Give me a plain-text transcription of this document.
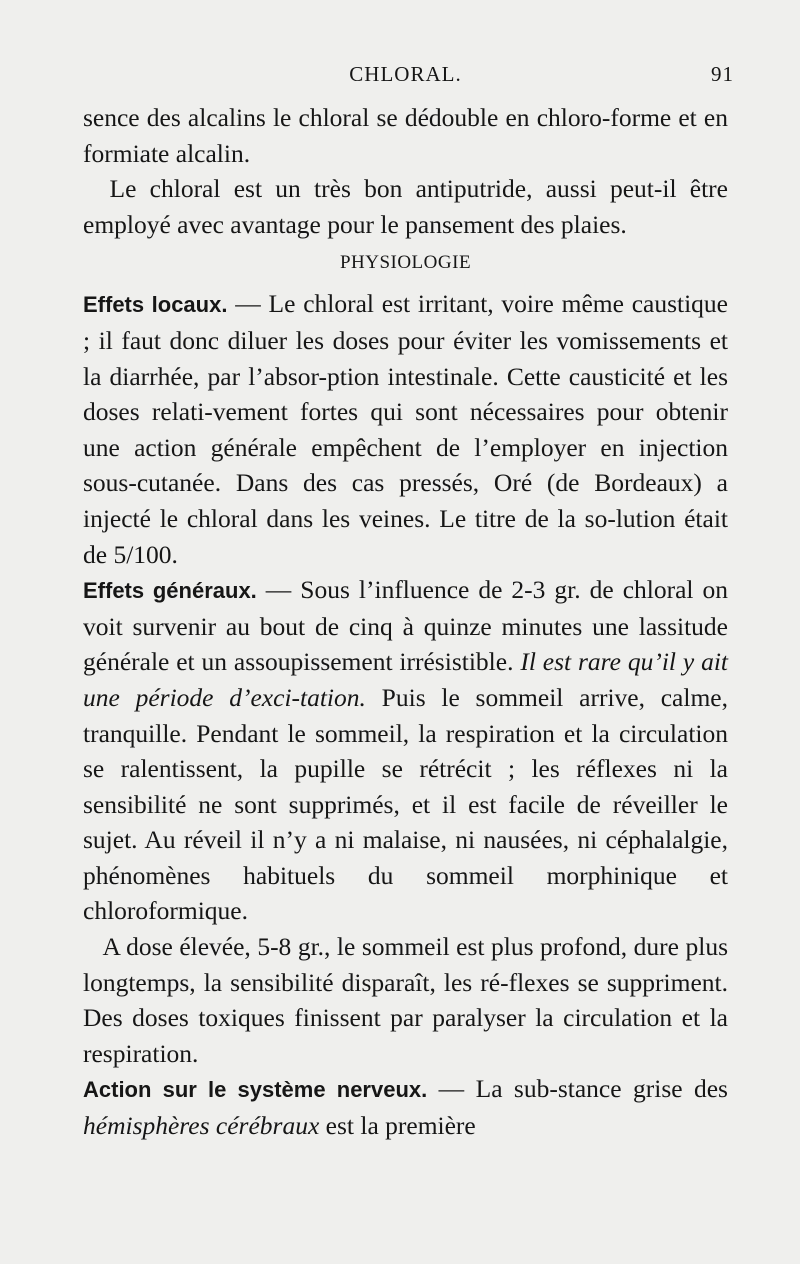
CHLORAL.	91

sence des alcalins le chloral se dédouble en chloro-forme et en formiate alcalin.

Le chloral est un très bon antiputride, aussi peut-il être employé avec avantage pour le pansement des plaies.

PHYSIOLOGIE

Effets locaux. — Le chloral est irritant, voire même caustique ; il faut donc diluer les doses pour éviter les vomissements et la diarrhée, par l’absor-ption intestinale. Cette causticité et les doses relati-vement fortes qui sont nécessaires pour obtenir une action générale empêchent de l’employer en injection sous-cutanée. Dans des cas pressés, Oré (de Bordeaux) a injecté le chloral dans les veines. Le titre de la so-lution était de 5/100.

Effets généraux. — Sous l’influence de 2-3 gr. de chloral on voit survenir au bout de cinq à quinze minutes une lassitude générale et un assoupissement irrésistible. Il est rare qu’il y ait une période d’exci-tation. Puis le sommeil arrive, calme, tranquille. Pendant le sommeil, la respiration et la circulation se ralentissent, la pupille se rétrécit ; les réflexes ni la sensibilité ne sont supprimés, et il est facile de réveiller le sujet. Au réveil il n’y a ni malaise, ni nausées, ni céphalalgie, phénomènes habituels du sommeil morphinique et chloroformique.

A dose élevée, 5-8 gr., le sommeil est plus profond, dure plus longtemps, la sensibilité disparaît, les ré-flexes se suppriment. Des doses toxiques finissent par paralyser la circulation et la respiration.

Action sur le système nerveux. — La sub-stance grise des hémisphères cérébraux est la première
